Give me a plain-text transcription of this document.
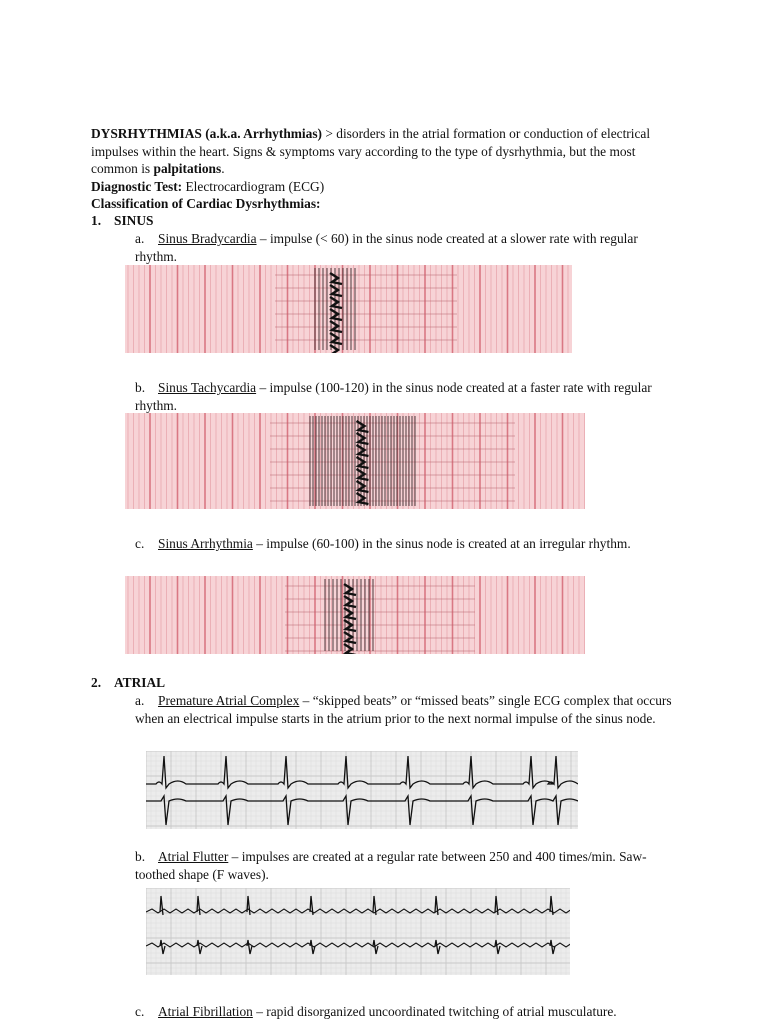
DYSRHYTHMIAS (a.k.a. Arrhythmias) > disorders in the atrial formation or conduction of electrical impulses within the heart. Signs & symptoms vary according to the type of dysrhythmia, but the most common is palpitations.
Diagnostic Test: Electrocardiogram (ECG)
Classification of Cardiac Dysrhythmias:
1. SINUS
a. Sinus Bradycardia – impulse (< 60) in the sinus node created at a slower rate with regular rhythm.
b. Sinus Tachycardia – impulse (100-120) in the sinus node created at a faster rate with regular rhythm.
c. Sinus Arrhythmia – impulse (60-100) in the sinus node is created at an irregular rhythm.
2. ATRIAL
a. Premature Atrial Complex – “skipped beats” or “missed beats” single ECG complex that occurs when an electrical impulse starts in the atrium prior to the next normal impulse of the sinus node.
b. Atrial Flutter – impulses are created at a regular rate between 250 and 400 times/min. Saw-toothed shape (F waves).
c. Atrial Fibrillation – rapid disorganized uncoordinated twitching of atrial musculature.
